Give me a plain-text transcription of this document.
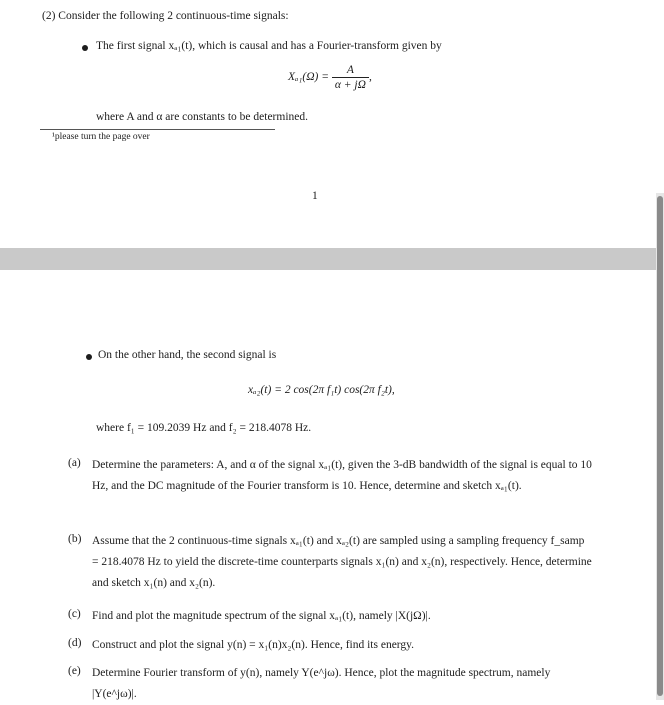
(2) Consider the following 2 continuous-time signals:
The first signal xₐ₁(t), which is causal and has a Fourier-transform given by
$X_{a1}(\Omega) = \frac{A}{\alpha + j\Omega}$ ,
where A and α are constants to be determined.
¹please turn the page over
1
On the other hand, the second signal is
xₐ₂(t) = 2 cos(2π f₁t) cos(2π f₂t),
where f₁ = 109.2039 Hz and f₂ = 218.4078 Hz.
(a) Determine the parameters: A, and α of the signal xₐ₁(t), given the 3-dB bandwidth of the signal is equal to 10 Hz, and the DC magnitude of the Fourier transform is 10. Hence, determine and sketch xₐ₁(t).
(b) Assume that the 2 continuous-time signals xₐ₁(t) and xₐ₂(t) are sampled using a sampling frequency f_samp = 218.4078 Hz to yield the discrete-time counterparts signals x₁(n) and x₂(n), respectively. Hence, determine and sketch x₁(n) and x₂(n).
(c) Find and plot the magnitude spectrum of the signal xₐ₁(t), namely |X(jΩ)|.
(d) Construct and plot the signal y(n) = x₁(n)x₂(n). Hence, find its energy.
(e) Determine Fourier transform of y(n), namely Y(e^jω). Hence, plot the magnitude spectrum, namely |Y(e^jω)|.
